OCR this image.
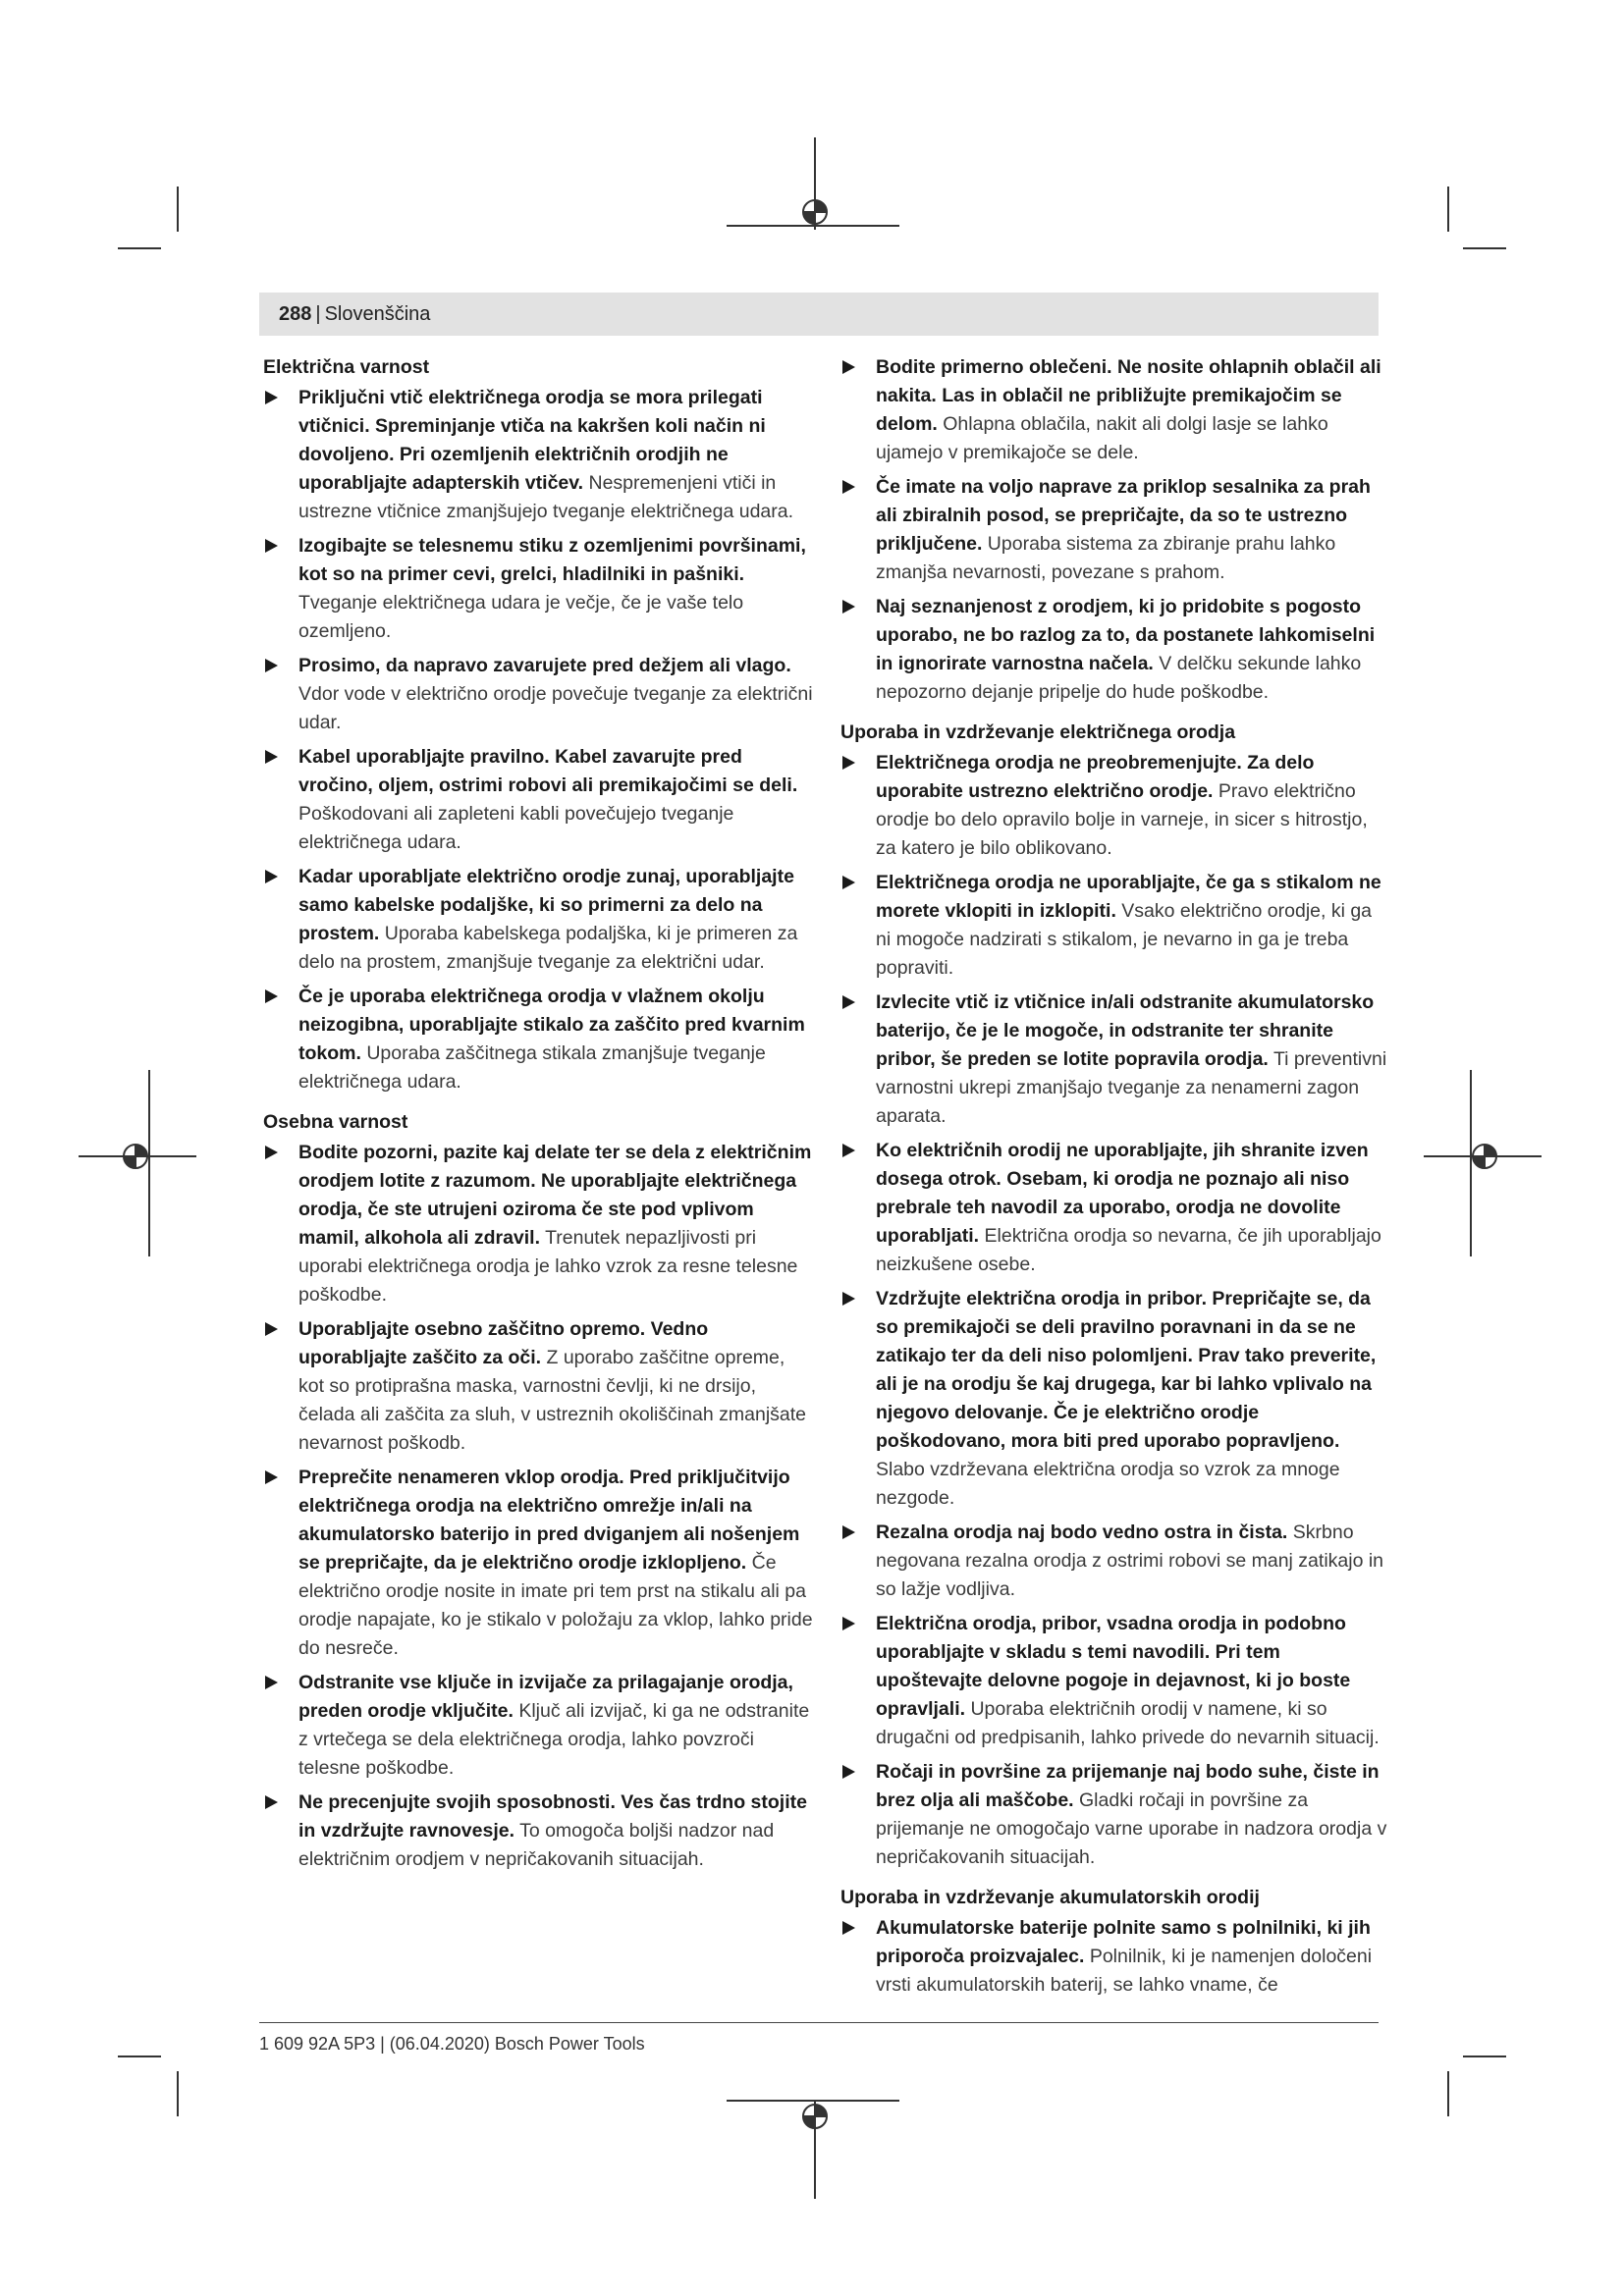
288 | Slovenščina
Električna varnost
Priključni vtič električnega orodja se mora prilegati vtičnici. Spreminjanje vtiča na kakršen koli način ni dovoljeno. Pri ozemljenih električnih orodjih ne uporabljajte adapterskih vtičev. Nespremenjeni vtiči in ustrezne vtičnice zmanjšujejo tveganje električnega udara.
Izogibajte se telesnemu stiku z ozemljenimi površinami, kot so na primer cevi, grelci, hladilniki in pašniki. Tveganje električnega udara je večje, če je vaše telo ozemljeno.
Prosimo, da napravo zavarujete pred dežjem ali vlago. Vdor vode v električno orodje povečuje tveganje za električni udar.
Kabel uporabljajte pravilno. Kabel zavarujte pred vročino, oljem, ostrimi robovi ali premikajočimi se deli. Poškodovani ali zapleteni kabli povečujejo tveganje električnega udara.
Kadar uporabljate električno orodje zunaj, uporabljajte samo kabelske podaljške, ki so primerni za delo na prostem. Uporaba kabelskega podaljška, ki je primeren za delo na prostem, zmanjšuje tveganje za električni udar.
Če je uporaba električnega orodja v vlažnem okolju neizogibna, uporabljajte stikalo za zaščito pred kvarnim tokom. Uporaba zaščitnega stikala zmanjšuje tveganje električnega udara.
Osebna varnost
Bodite pozorni, pazite kaj delate ter se dela z električnim orodjem lotite z razumom. Ne uporabljajte električnega orodja, če ste utrujeni oziroma če ste pod vplivom mamil, alkohola ali zdravil. Trenutek nepazljivosti pri uporabi električnega orodja je lahko vzrok za resne telesne poškodbe.
Uporabljajte osebno zaščitno opremo. Vedno uporabljajte zaščito za oči. Z uporabo zaščitne opreme, kot so protiprašna maska, varnostni čevlji, ki ne drsijo, čelada ali zaščita za sluh, v ustreznih okoliščinah zmanjšate nevarnost poškodb.
Preprečite nenameren vklop orodja. Pred priključitvijo električnega orodja na električno omrežje in/ali na akumulatorsko baterijo in pred dviganjem ali nošenjem se prepričajte, da je električno orodje izklopljeno. Če električno orodje nosite in imate pri tem prst na stikalu ali pa orodje napajate, ko je stikalo v položaju za vklop, lahko pride do nesreče.
Odstranite vse ključe in izvijače za prilagajanje orodja, preden orodje vključite. Ključ ali izvijač, ki ga ne odstranite z vrtečega se dela električnega orodja, lahko povzroči telesne poškodbe.
Ne precenjujte svojih sposobnosti. Ves čas trdno stojite in vzdržujte ravnovesje. To omogoča boljši nadzor nad električnim orodjem v nepričakovanih situacijah.
Bodite primerno oblečeni. Ne nosite ohlapnih oblačil ali nakita. Las in oblačil ne približujte premikajočim se delom. Ohlapna oblačila, nakit ali dolgi lasje se lahko ujamejo v premikajoče se dele.
Če imate na voljo naprave za priklop sesalnika za prah ali zbiralnih posod, se prepričajte, da so te ustrezno priključene. Uporaba sistema za zbiranje prahu lahko zmanjša nevarnosti, povezane s prahom.
Naj seznanjenost z orodjem, ki jo pridobite s pogosto uporabo, ne bo razlog za to, da postanete lahkomiselni in ignorirate varnostna načela. V delčku sekunde lahko nepozorno dejanje pripelje do hude poškodbe.
Uporaba in vzdrževanje električnega orodja
Električnega orodja ne preobremenjujte. Za delo uporabite ustrezno električno orodje. Pravo električno orodje bo delo opravilo bolje in varneje, in sicer s hitrostjo, za katero je bilo oblikovano.
Električnega orodja ne uporabljajte, če ga s stikalom ne morete vklopiti in izklopiti. Vsako električno orodje, ki ga ni mogoče nadzirati s stikalom, je nevarno in ga je treba popraviti.
Izvlecite vtič iz vtičnice in/ali odstranite akumulatorsko baterijo, če je le mogoče, in odstranite ter shranite pribor, še preden se lotite popravila orodja. Ti preventivni varnostni ukrepi zmanjšajo tveganje za nenamerni zagon aparata.
Ko električnih orodij ne uporabljajte, jih shranite izven dosega otrok. Osebam, ki orodja ne poznajo ali niso prebrale teh navodil za uporabo, orodja ne dovolite uporabljati. Električna orodja so nevarna, če jih uporabljajo neizkušene osebe.
Vzdržujte električna orodja in pribor. Prepričajte se, da so premikajoči se deli pravilno poravnani in da se ne zatikajo ter da deli niso polomljeni. Prav tako preverite, ali je na orodju še kaj drugega, kar bi lahko vplivalo na njegovo delovanje. Če je električno orodje poškodovano, mora biti pred uporabo popravljeno. Slabo vzdrževana električna orodja so vzrok za mnoge nezgode.
Rezalna orodja naj bodo vedno ostra in čista. Skrbno negovana rezalna orodja z ostrimi robovi se manj zatikajo in so lažje vodljiva.
Električna orodja, pribor, vsadna orodja in podobno uporabljajte v skladu s temi navodili. Pri tem upoštevajte delovne pogoje in dejavnost, ki jo boste opravljali. Uporaba električnih orodij v namene, ki so drugačni od predpisanih, lahko privede do nevarnih situacij.
Ročaji in površine za prijemanje naj bodo suhe, čiste in brez olja ali maščobe. Gladki ročaji in površine za prijemanje ne omogočajo varne uporabe in nadzora orodja v nepričakovanih situacijah.
Uporaba in vzdrževanje akumulatorskih orodij
Akumulatorske baterije polnite samo s polnilniki, ki jih priporoča proizvajalec. Polnilnik, ki je namenjen določeni vrsti akumulatorskih baterij, se lahko vname, če
1 609 92A 5P3 | (06.04.2020) Bosch Power Tools
